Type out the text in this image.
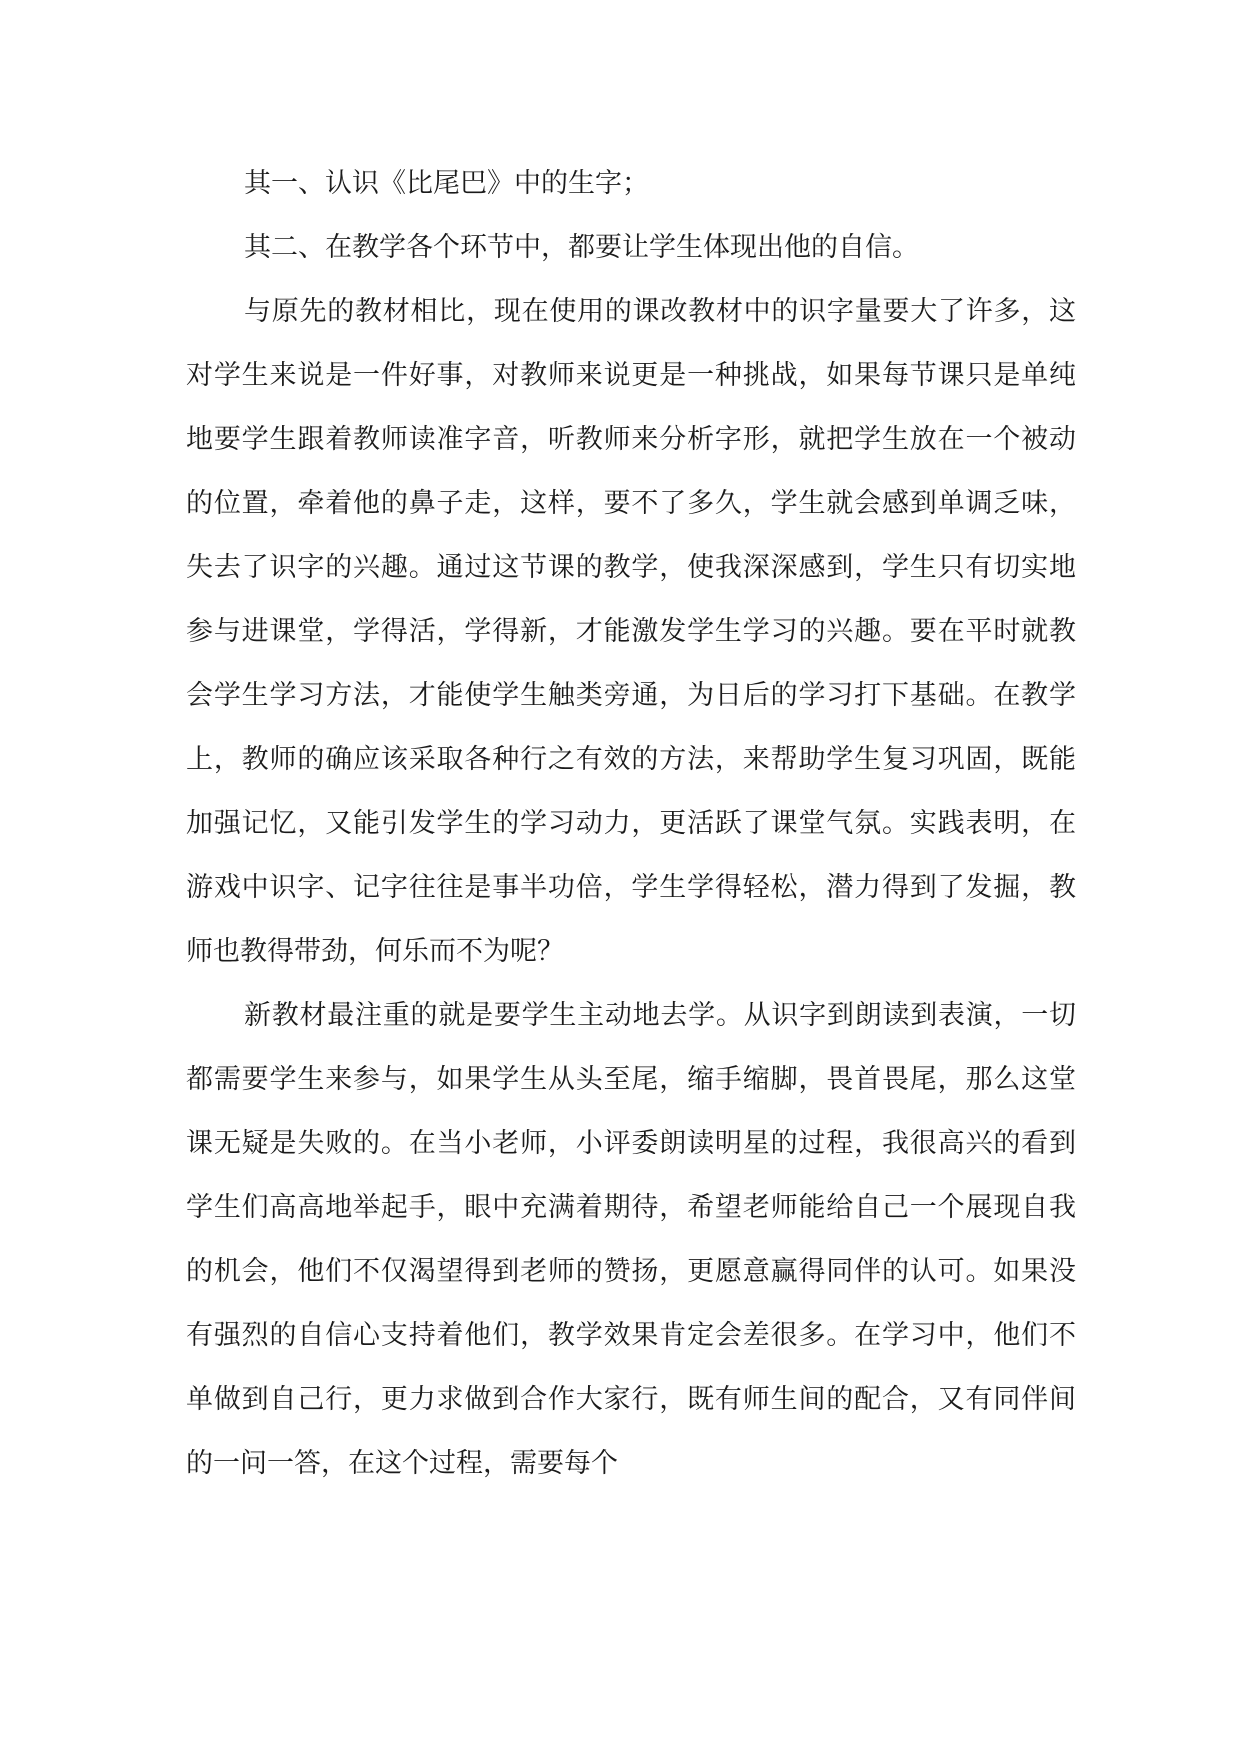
其一、认识《比尾巴》中的生字；

其二、在教学各个环节中，都要让学生体现出他的自信。

与原先的教材相比，现在使用的课改教材中的识字量要大了许多，这对学生来说是一件好事，对教师来说更是一种挑战，如果每节课只是单纯地要学生跟着教师读准字音，听教师来分析字形，就把学生放在一个被动的位置，牵着他的鼻子走，这样，要不了多久，学生就会感到单调乏味，失去了识字的兴趣。通过这节课的教学，使我深深感到，学生只有切实地参与进课堂，学得活，学得新，才能激发学生学习的兴趣。要在平时就教会学生学习方法，才能使学生触类旁通，为日后的学习打下基础。在教学上，教师的确应该采取各种行之有效的方法，来帮助学生复习巩固，既能加强记忆，又能引发学生的学习动力，更活跃了课堂气氛。实践表明，在游戏中识字、记字往往是事半功倍，学生学得轻松，潜力得到了发掘，教师也教得带劲，何乐而不为呢？

新教材最注重的就是要学生主动地去学。从识字到朗读到表演，一切都需要学生来参与，如果学生从头至尾，缩手缩脚，畏首畏尾，那么这堂课无疑是失败的。在当小老师，小评委朗读明星的过程，我很高兴的看到学生们高高地举起手，眼中充满着期待，希望老师能给自己一个展现自我的机会，他们不仅渴望得到老师的赞扬，更愿意赢得同伴的认可。如果没有强烈的自信心支持着他们，教学效果肯定会差很多。在学习中，他们不单做到自己行，更力求做到合作大家行，既有师生间的配合，又有同伴间的一问一答，在这个过程，需要每个
